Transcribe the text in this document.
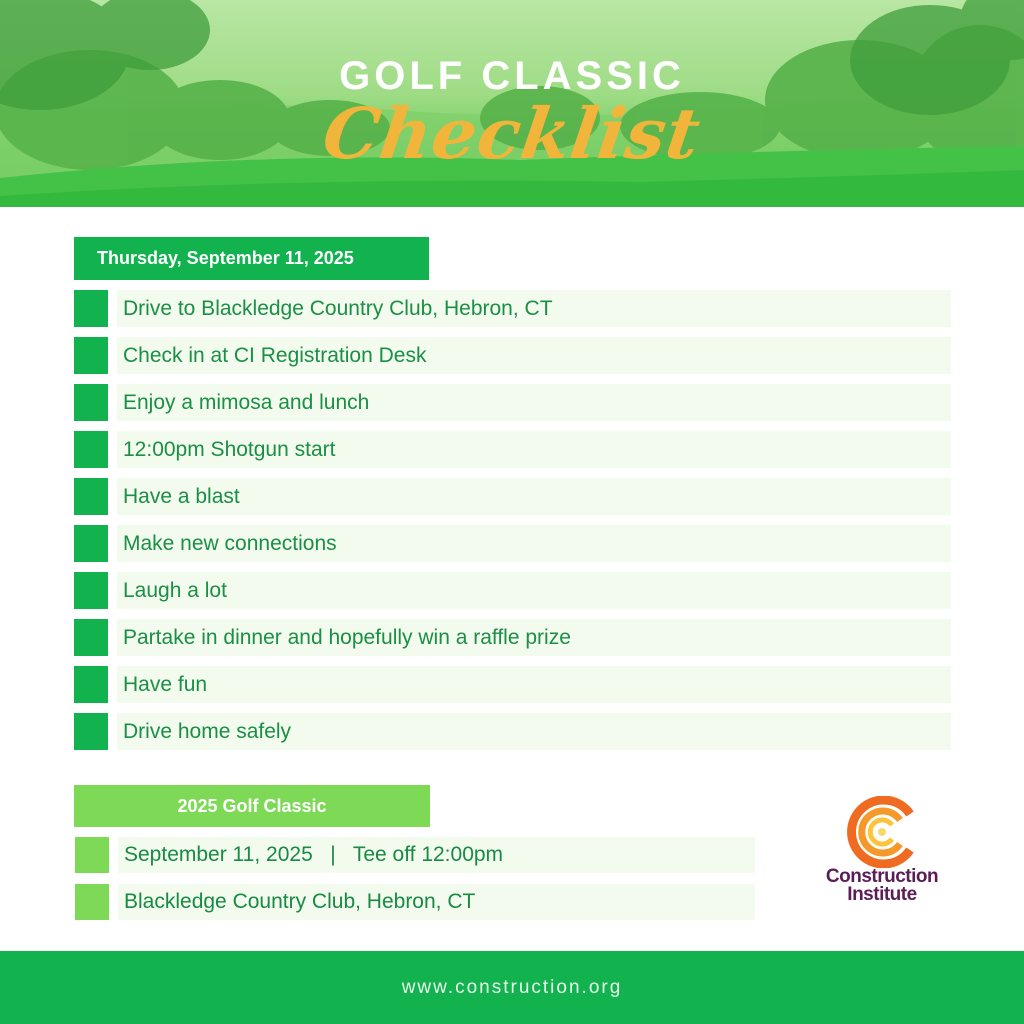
GOLF CLASSIC
Checklist
Thursday, September 11, 2025
Drive to Blackledge Country Club, Hebron, CT
Check in at CI Registration Desk
Enjoy a mimosa and lunch
12:00pm Shotgun start
Have a blast
Make new connections
Laugh a lot
Partake in dinner and hopefully win a raffle prize
Have fun
Drive home safely
2025 Golf Classic
September 11, 2025   |   Tee off 12:00pm
Blackledge Country Club, Hebron, CT
Construction
Institute
www.construction.org
